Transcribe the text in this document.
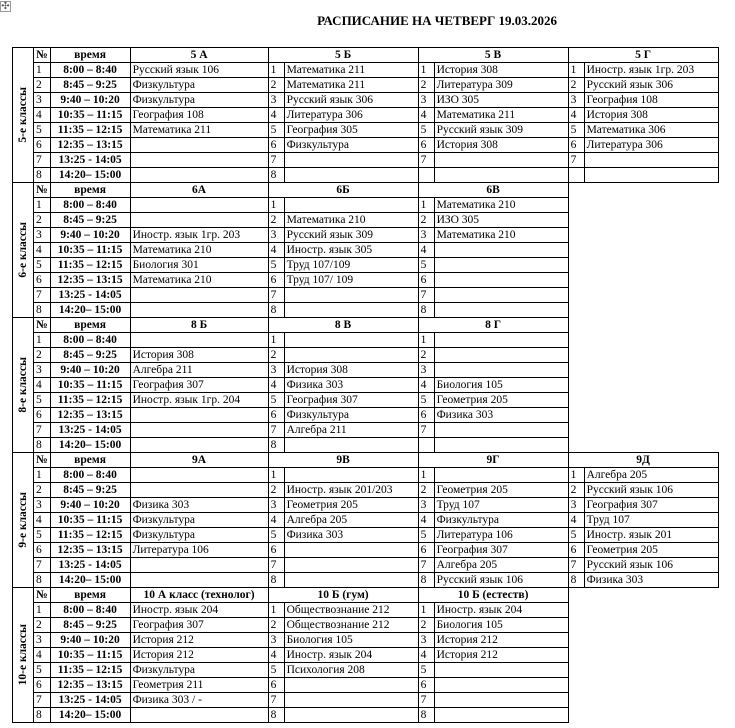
✣
РАСПИСАНИЕ НА ЧЕТВЕРГ 19.03.2026
5-е классы	№	время	5 А	5 Б		5 В		5 Г	
	1	8:00 – 8:40	Русский язык 106	1	Математика 211	1	История 308	1	Иностр. язык 1гр. 203
	2	8:45 – 9:25	Физкультура	2	Математика 211	2	Литература 309	2	Русский язык 306
	3	9:40 – 10:20	Физкультура	3	Русский язык 306	3	ИЗО 305	3	География 108
	4	10:35 – 11:15	География 108	4	Литература 306	4	Математика 211	4	История 308
	5	11:35 – 12:15	Математика 211	5	География 305	5	Русский язык 309	5	Математика 306
	6	12:35 – 13:15		6	Физкультура	6	История 308	6	Литература 306
	7	13:25 - 14:05		7		7		7	
	8	14:20– 15:00		8					

6-е классы	№	время	6А	6Б		6В			
	1	8:00 – 8:40		1		1	Математика 210		
	2	8:45 – 9:25		2	Математика 210	2	ИЗО 305		
	3	9:40 – 10:20	Иностр. язык 1гр. 203	3	Русский язык 309	3	Математика 210		
	4	10:35 – 11:15	Математика 210	4	Иностр. язык 305	4			
	5	11:35 – 12:15	Биология 301	5	Труд 107/109	5			
	6	12:35 – 13:15	Математика 210	6	Труд 107/ 109	6			
	7	13:25 - 14:05		7		7			
	8	14:20– 15:00		8		8			

8-е классы	№	время	8 Б	8 В		8 Г			
	1	8:00 – 8:40		1		1			
	2	8:45 – 9:25	История 308	2		2			
	3	9:40 – 10:20	Алгебра 211	3	История 308	3			
	4	10:35 – 11:15	География 307	4	Физика 303	4	Биология 105		
	5	11:35 – 12:15	Иностр. язык 1гр. 204	5	География 307	5	Геометрия 205		
	6	12:35 – 13:15		6	Физкультура	6	Физика 303		
	7	13:25 - 14:05		7	Алгебра 211	7			
	8	14:20– 15:00		8					

9-е классы	№	время	9А	9В		9Г		9Д	
	1	8:00 – 8:40		1		1		1	Алгебра 205
	2	8:45 – 9:25		2	Иностр. язык 201/203	2	Геометрия 205	2	Русский язык 106
	3	9:40 – 10:20	Физика 303	3	Геометрия 205	3	Труд 107	3	География 307
	4	10:35 – 11:15	Физкультура	4	Алгебра 205	4	Физкультура	4	Труд 107
	5	11:35 – 12:15	Физкультура	5	Физика 303	5	Литература 106	5	Иностр. язык 201
	6	12:35 – 13:15	Литература 106	6		6	География 307	6	Геометрия 205
	7	13:25 - 14:05		7		7	Алгебра 205	7	Русский язык 106
	8	14:20– 15:00		8		8	Русский язык 106	8	Физика 303

10-е классы	№	время	10 А класс (технолог)	10 Б (гум)		10 Б (естеств)			
	1	8:00 – 8:40	Иностр. язык 204	1	Обществознание 212	1	Иностр. язык 204		
	2	8:45 – 9:25	География 307	2	Обществознание 212	2	Биология 105		
	3	9:40 – 10:20	История 212	3	Биология 105	3	История 212		
	4	10:35 – 11:15	История 212	4	Иностр. язык 204	4	История 212		
	5	11:35 – 12:15	Физкультура	5	Психология 208	5			
	6	12:35 – 13:15	Геометрия 211	6		6			
	7	13:25 - 14:05	Физика 303 / -	7		7			
	8	14:20– 15:00		8		8			
